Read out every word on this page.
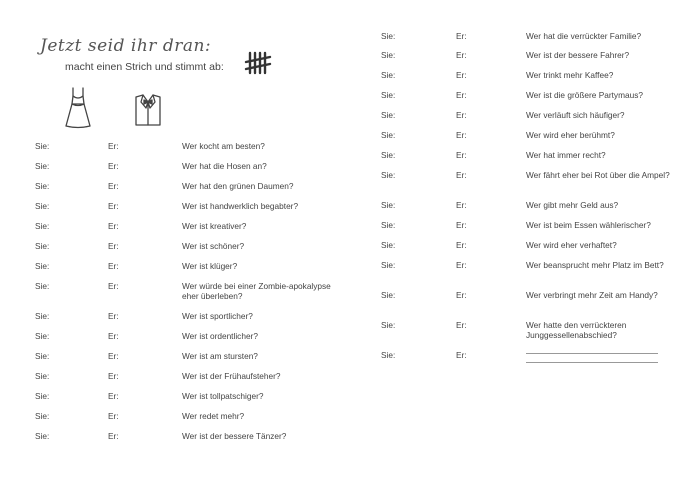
Jetzt seid ihr dran:
macht einen Strich und stimmt ab:
Sie:	Er:	Wer kocht am besten?
Sie:	Er:	Wer hat die Hosen an?
Sie:	Er:	Wer hat den grünen Daumen?
Sie:	Er:	Wer ist handwerklich begabter?
Sie:	Er:	Wer ist kreativer?
Sie:	Er:	Wer ist schöner?
Sie:	Er:	Wer ist klüger?
Sie:	Er:	Wer würde bei einer Zombie-apokalypse eher überleben?
Sie:	Er:	Wer ist sportlicher?
Sie:	Er:	Wer ist ordentlicher?
Sie:	Er:	Wer ist am stursten?
Sie:	Er:	Wer ist der Frühaufsteher?
Sie:	Er:	Wer ist tollpatschiger?
Sie:	Er:	Wer redet mehr?
Sie:	Er:	Wer ist der bessere Tänzer?
Sie:	Er:	Wer hat die verrückter Familie?
Sie:	Er:	Wer ist der bessere Fahrer?
Sie:	Er:	Wer trinkt mehr Kaffee?
Sie:	Er:	Wer ist die größere Partymaus?
Sie:	Er:	Wer verläuft sich häufiger?
Sie:	Er:	Wer wird eher berühmt?
Sie:	Er:	Wer hat immer recht?
Sie:	Er:	Wer fährt eher bei Rot über die Ampel?
Sie:	Er:	Wer gibt mehr Geld aus?
Sie:	Er:	Wer ist beim Essen wählerischer?
Sie:	Er:	Wer wird eher verhaftet?
Sie:	Er:	Wer beansprucht mehr Platz im Bett?
Sie:	Er:	Wer verbringt mehr Zeit am Handy?
Sie:	Er:	Wer hatte den verrückteren Junggessellenabschied?
Sie:	Er:
